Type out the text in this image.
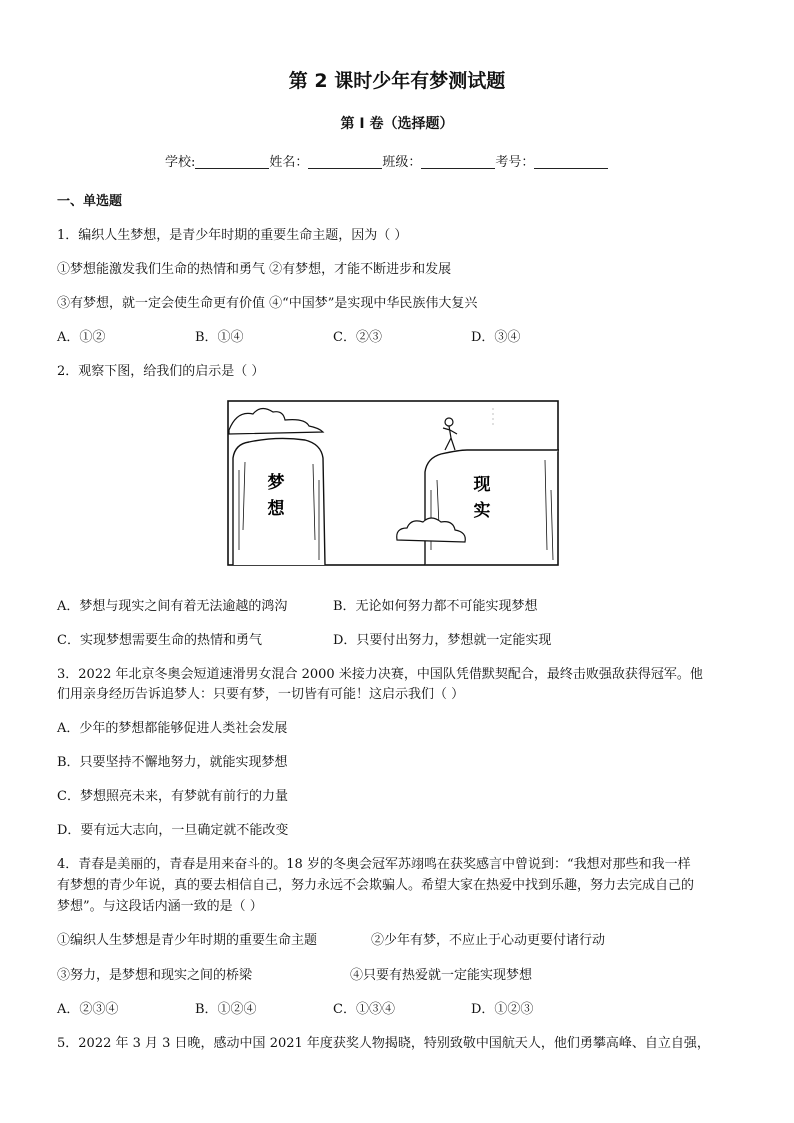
第 2 课时少年有梦测试题
第 I 卷（选择题）
学校:	姓名：	班级：	考号：
一、单选题
1．编织人生梦想，是青少年时期的重要生命主题，因为（ ）
①梦想能激发我们生命的热情和勇气 ②有梦想，才能不断进步和发展
③有梦想，就一定会使生命更有价值 ④“中国梦”是实现中华民族伟大复兴
A．①②	B．①④	C．②③	D．③④
2．观察下图，给我们的启示是（ ）
梦
想
现
实
A．梦想与现实之间有着无法逾越的鸿沟	B．无论如何努力都不可能实现梦想
C．实现梦想需要生命的热情和勇气	D．只要付出努力，梦想就一定能实现
3．2022 年北京冬奥会短道速滑男女混合 2000 米接力决赛，中国队凭借默契配合，最终击败强敌获得冠军。他
们用亲身经历告诉追梦人：只要有梦，一切皆有可能！这启示我们（ ）
A．少年的梦想都能够促进人类社会发展
B．只要坚持不懈地努力，就能实现梦想
C．梦想照亮未来，有梦就有前行的力量
D．要有远大志向，一旦确定就不能改变
4．青春是美丽的，青春是用来奋斗的。18 岁的冬奥会冠军苏翊鸣在获奖感言中曾说到：“我想对那些和我一样
有梦想的青少年说，真的要去相信自己，努力永远不会欺骗人。希望大家在热爱中找到乐趣，努力去完成自己的
梦想”。与这段话内涵一致的是（ ）
①编织人生梦想是青少年时期的重要生命主题	②少年有梦，不应止于心动更要付诸行动
③努力，是梦想和现实之间的桥梁	④只要有热爱就一定能实现梦想
A．②③④	B．①②④	C．①③④	D．①②③
5．2022 年 3 月 3 日晚，感动中国 2021 年度获奖人物揭晓，特别致敬中国航天人，他们勇攀高峰、自立自强，
